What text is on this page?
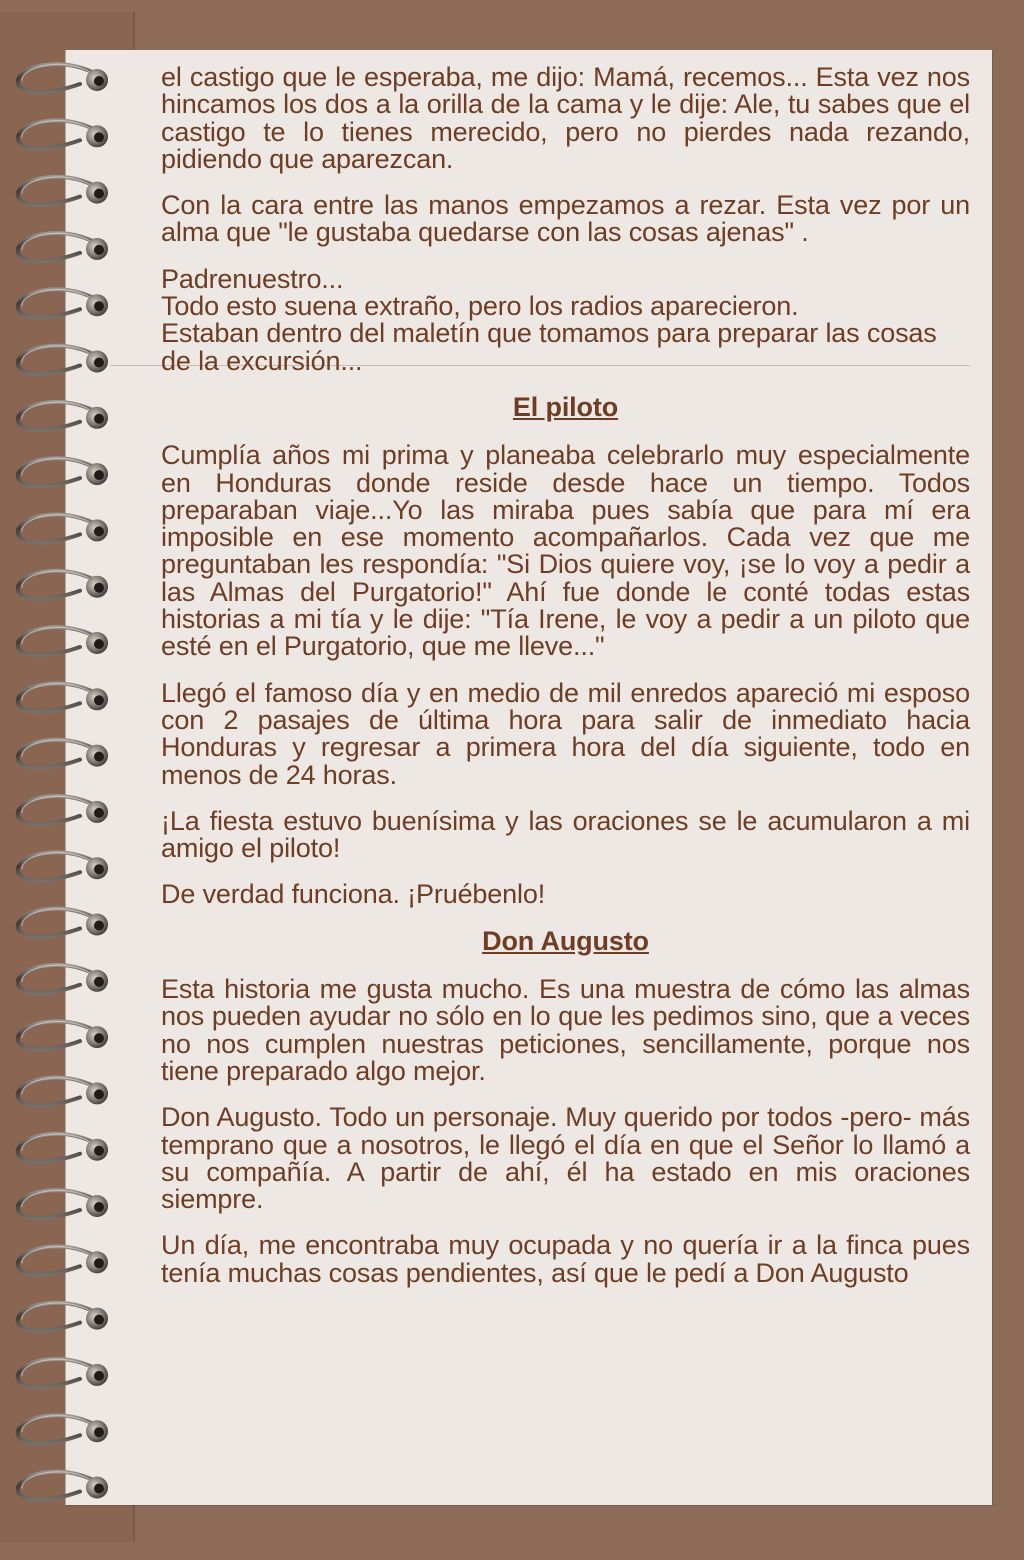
el castigo que le esperaba, me dijo: Mamá, recemos... Esta vez nos hincamos los dos a la orilla de la cama y le dije: Ale, tu sabes que el castigo te lo tienes merecido, pero no pierdes nada rezando, pidiendo que aparezcan.

Con la cara entre las manos empezamos a rezar. Esta vez por un alma que "le gustaba quedarse con las cosas ajenas" .

Padrenuestro...
Todo esto suena extraño, pero los radios aparecieron.
Estaban dentro del maletín que tomamos para preparar las cosas de la excursión...

El piloto

Cumplía años mi prima y planeaba celebrarlo muy especialmente en Honduras donde reside desde hace un tiempo. Todos preparaban viaje...Yo las miraba pues sabía que para mí era imposible en ese momento acompañarlos. Cada vez que me preguntaban les respondía: "Si Dios quiere voy, ¡se lo voy a pedir a las Almas del Purgatorio!" Ahí fue donde le conté todas estas historias a mi tía y le dije: "Tía Irene, le voy a pedir a un piloto que esté en el Purgatorio, que me lleve..."

Llegó el famoso día y en medio de mil enredos apareció mi esposo con 2 pasajes de última hora para salir de inmediato hacia Honduras y regresar a primera hora del día siguiente, todo en menos de 24 horas.

¡La fiesta estuvo buenísima y las oraciones se le acumularon a mi amigo el piloto!

De verdad funciona. ¡Pruébenlo!

Don Augusto

Esta historia me gusta mucho. Es una muestra de cómo las almas nos pueden ayudar no sólo en lo que les pedimos sino, que a veces no nos cumplen nuestras peticiones, sencillamente, porque nos tiene preparado algo mejor.

Don Augusto. Todo un personaje. Muy querido por todos -pero- más temprano que a nosotros, le llegó el día en que el Señor lo llamó a su compañía. A partir de ahí, él ha estado en mis oraciones siempre.

Un día, me encontraba muy ocupada y no quería ir a la finca pues tenía muchas cosas pendientes, así que le pedí a Don Augusto
